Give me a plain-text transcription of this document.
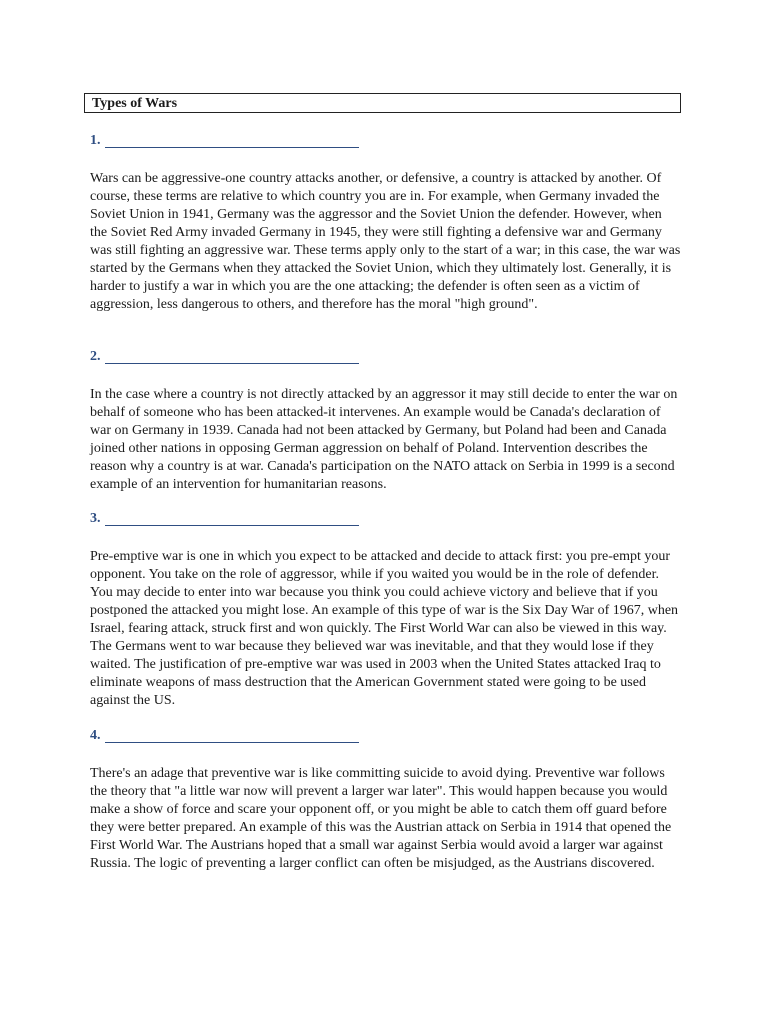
Types of Wars
1.

Wars can be aggressive-one country attacks another, or defensive, a country is attacked by another. Of course, these terms are relative to which country you are in. For example, when Germany invaded the Soviet Union in 1941, Germany was the aggressor and the Soviet Union the defender. However, when the Soviet Red Army invaded Germany in 1945, they were still fighting a defensive war and Germany was still fighting an aggressive war. These terms apply only to the start of a war; in this case, the war was started by the Germans when they attacked the Soviet Union, which they ultimately lost. Generally, it is harder to justify a war in which you are the one attacking; the defender is often seen as a victim of aggression, less dangerous to others, and therefore has the moral "high ground".

2.

In the case where a country is not directly attacked by an aggressor it may still decide to enter the war on behalf of someone who has been attacked-it intervenes. An example would be Canada's declaration of war on Germany in 1939. Canada had not been attacked by Germany, but Poland had been and Canada joined other nations in opposing German aggression on behalf of Poland. Intervention describes the reason why a country is at war. Canada's participation on the NATO attack on Serbia in 1999 is a second example of an intervention for humanitarian reasons.

3.

Pre-emptive war is one in which you expect to be attacked and decide to attack first: you pre-empt your opponent. You take on the role of aggressor, while if you waited you would be in the role of defender. You may decide to enter into war because you think you could achieve victory and believe that if you postponed the attacked you might lose. An example of this type of war is the Six Day War of 1967, when Israel, fearing attack, struck first and won quickly. The First World War can also be viewed in this way. The Germans went to war because they believed war was inevitable, and that they would lose if they waited. The justification of pre-emptive war was used in 2003 when the United States attacked Iraq to eliminate weapons of mass destruction that the American Government stated were going to be used against the US.

4.

There's an adage that preventive war is like committing suicide to avoid dying. Preventive war follows the theory that "a little war now will prevent a larger war later". This would happen because you would make a show of force and scare your opponent off, or you might be able to catch them off guard before they were better prepared. An example of this was the Austrian attack on Serbia in 1914 that opened the First World War. The Austrians hoped that a small war against Serbia would avoid a larger war against Russia. The logic of preventing a larger conflict can often be misjudged, as the Austrians discovered.
